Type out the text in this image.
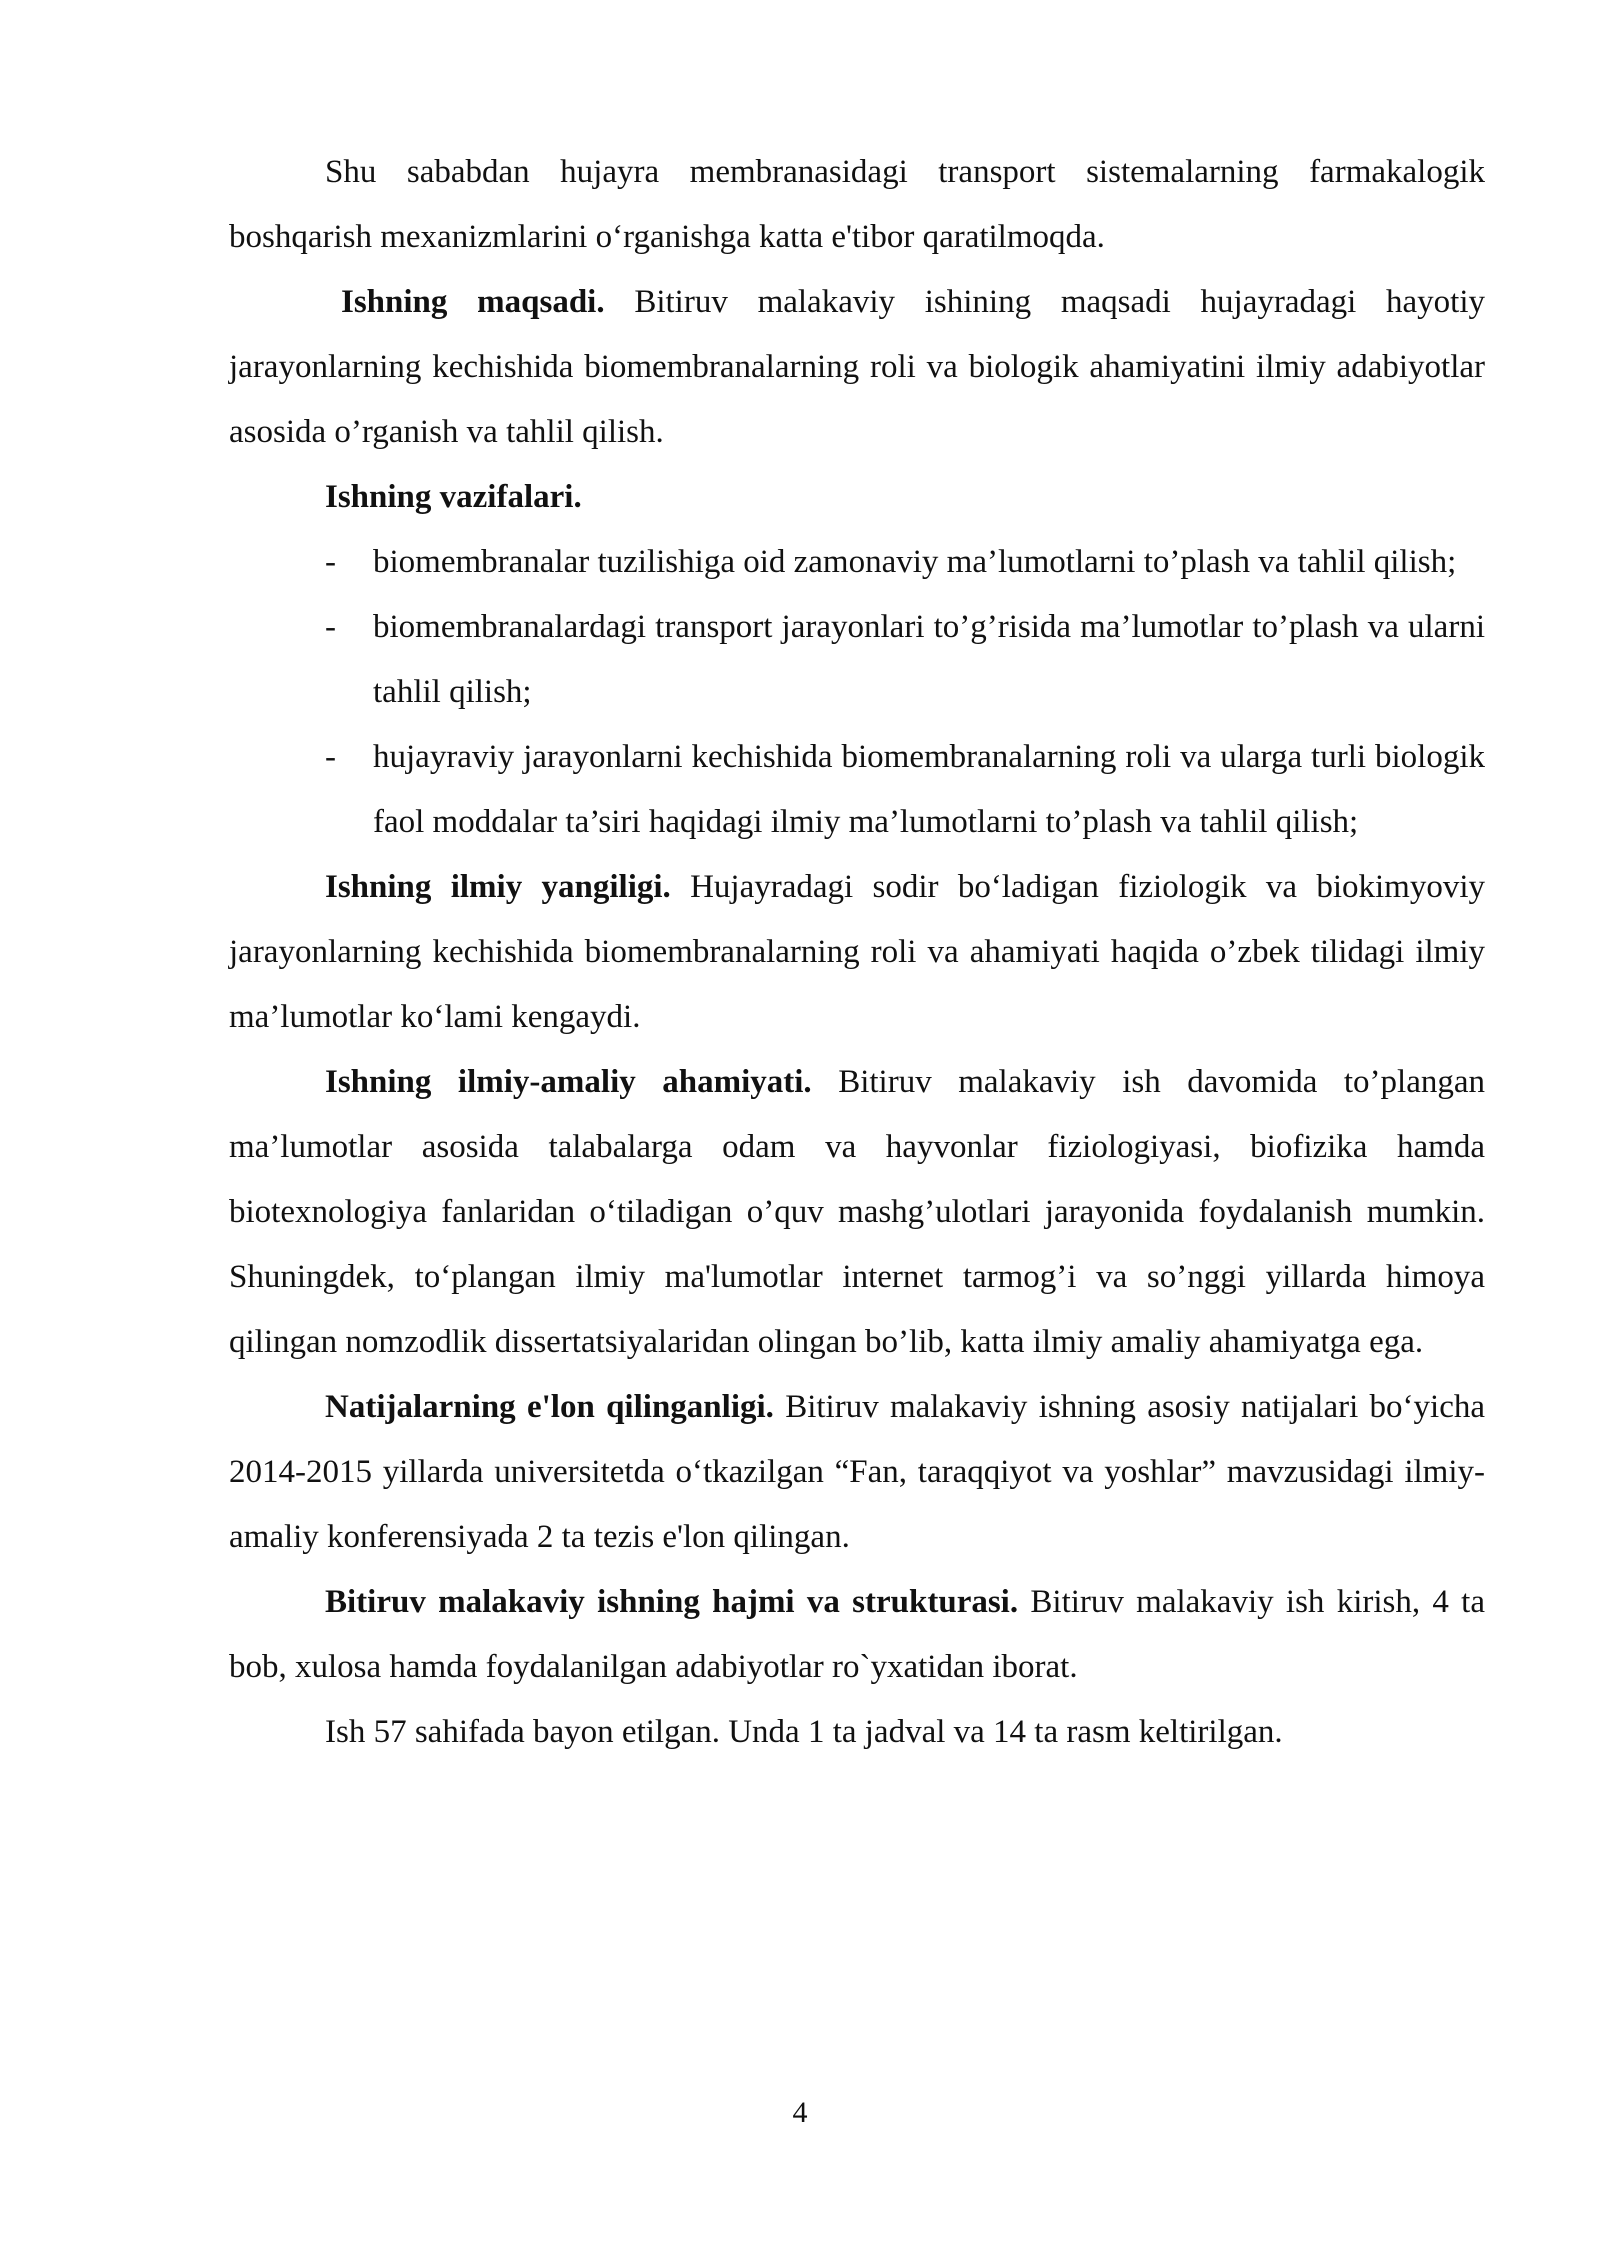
Shu sababdan hujayra membranasidagi transport sistemalarning farmakalogik boshqarish mexanizmlarini o‘rganishga katta e'tibor qaratilmoqda.

Ishning maqsadi. Bitiruv malakaviy ishining maqsadi hujayradagi hayotiy jarayonlarning kechishida biomembranalarning roli va biologik ahamiyatini ilmiy adabiyotlar asosida o’rganish va tahlil qilish.

Ishning vazifalari.

- biomembranalar tuzilishiga oid zamonaviy ma’lumotlarni to’plash va tahlil qilish;
- biomembranalardagi transport jarayonlari to’g’risida ma’lumotlar to’plash va ularni tahlil qilish;
- hujayraviy jarayonlarni kechishida biomembranalarning roli va ularga turli biologik faol moddalar ta’siri haqidagi ilmiy ma’lumotlarni to’plash va tahlil qilish;

Ishning ilmiy yangiligi. Hujayradagi sodir bo‘ladigan fiziologik va biokimyoviy jarayonlarning kechishida biomembranalarning roli va ahamiyati haqida o’zbek tilidagi ilmiy ma’lumotlar ko‘lami kengaydi.

Ishning ilmiy-amaliy ahamiyati. Bitiruv malakaviy ish davomida to’plangan ma’lumotlar asosida talabalarga odam va hayvonlar fiziologiyasi, biofizika hamda biotexnologiya fanlaridan o‘tiladigan o’quv mashg’ulotlari jarayonida foydalanish mumkin. Shuningdek, to‘plangan ilmiy ma'lumotlar internet tarmog’i va so’nggi yillarda himoya qilingan nomzodlik dissertatsiyalaridan olingan bo’lib, katta ilmiy amaliy ahamiyatga ega.

Natijalarning e'lon qilinganligi. Bitiruv malakaviy ishning asosiy natijalari bo‘yicha 2014-2015 yillarda universitetda o‘tkazilgan “Fan, taraqqiyot va yoshlar” mavzusidagi ilmiy-amaliy konferensiyada 2 ta tezis e'lon qilingan.

Bitiruv malakaviy ishning hajmi va strukturasi. Bitiruv malakaviy ish kirish, 4 ta bob, xulosa hamda foydalanilgan adabiyotlar ro`yxatidan iborat.

Ish 57 sahifada bayon etilgan. Unda 1 ta jadval va 14 ta rasm keltirilgan.

4
